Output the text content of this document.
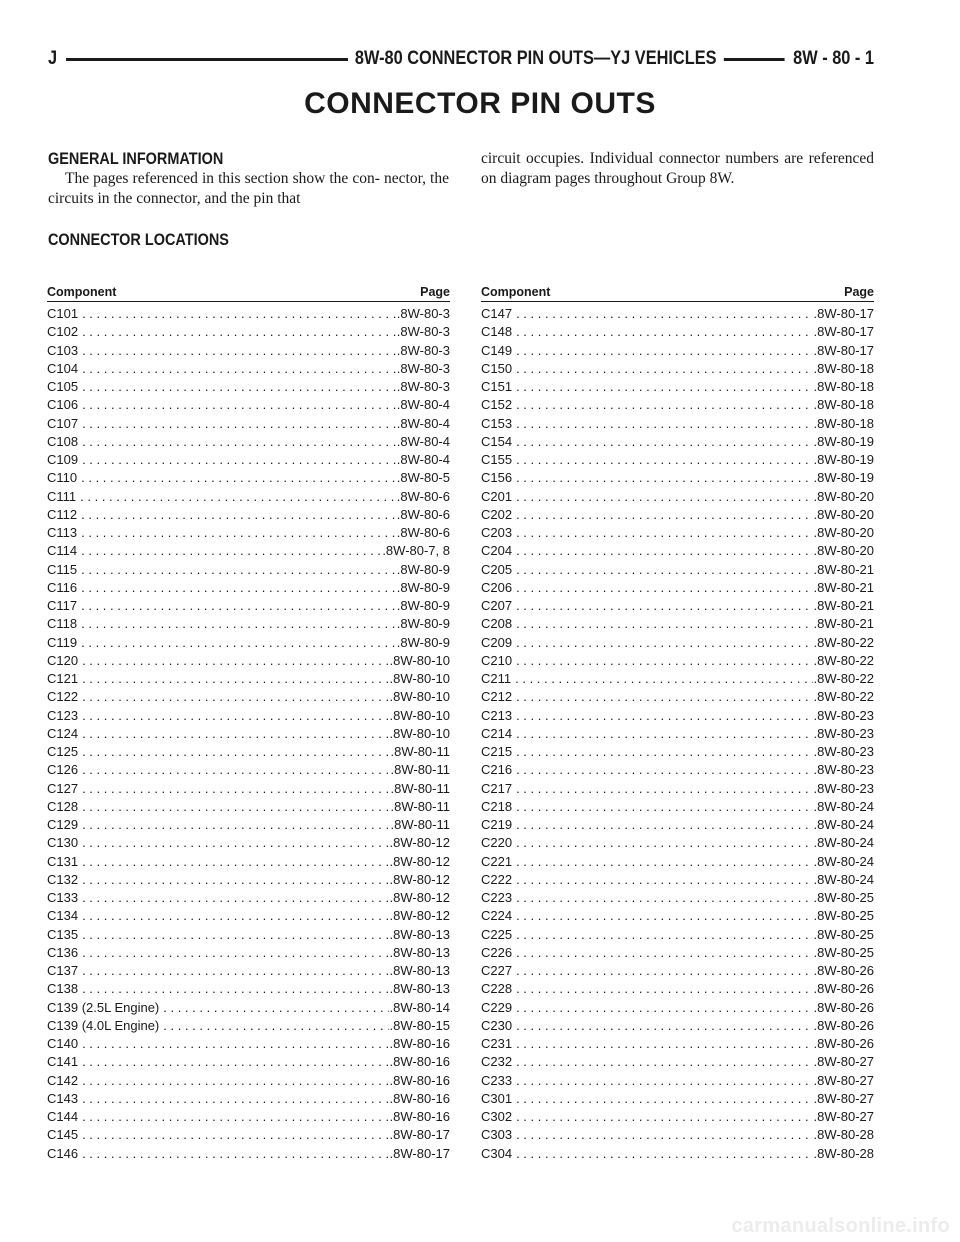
J	8W-80 CONNECTOR PIN OUTS—YJ VEHICLES	8W - 80 - 1
CONNECTOR PIN OUTS
GENERAL INFORMATION
The pages referenced in this section show the con- nector, the circuits in the connector, and the pin that
circuit occupies. Individual connector numbers are referenced on diagram pages throughout Group 8W.
CONNECTOR LOCATIONS
Component	Page
C101 . . .	.8W-80-3
C102 . . .	.8W-80-3
C103 . . .	.8W-80-3
C104 . . .	.8W-80-3
C105 . . .	.8W-80-3
C106 . . .	.8W-80-4
C107 . . .	.8W-80-4
C108 . . .	.8W-80-4
C109 . . .	.8W-80-4
C110 . . .	.8W-80-5
C111 . . .	.8W-80-6
C112 . . .	.8W-80-6
C113 . . .	.8W-80-6
C114 . . .	.8W-80-7, 8
C115 . . .	.8W-80-9
C116 . . .	.8W-80-9
C117 . . .	.8W-80-9
C118 . . .	.8W-80-9
C119 . . .	.8W-80-9
C120 . . .	.8W-80-10
C121 . . .	.8W-80-10
C122 . . .	.8W-80-10
C123 . . .	.8W-80-10
C124 . . .	.8W-80-10
C125 . . .	.8W-80-11
C126 . . .	.8W-80-11
C127 . . .	.8W-80-11
C128 . . .	.8W-80-11
C129 . . .	.8W-80-11
C130 . . .	.8W-80-12
C131 . . .	.8W-80-12
C132 . . .	.8W-80-12
C133 . . .	.8W-80-12
C134 . . .	.8W-80-12
C135 . . .	.8W-80-13
C136 . . .	.8W-80-13
C137 . . .	.8W-80-13
C138 . . .	.8W-80-13
C139 (2.5L Engine) . . .	.8W-80-14
C139 (4.0L Engine) . . .	.8W-80-15
C140 . . .	.8W-80-16
C141 . . .	.8W-80-16
C142 . . .	.8W-80-16
C143 . . .	.8W-80-16
C144 . . .	.8W-80-16
C145 . . .	.8W-80-17
C146 . . .	.8W-80-17
Component	Page
C147 . . .	.8W-80-17
C148 . . .	.8W-80-17
C149 . . .	.8W-80-17
C150 . . .	.8W-80-18
C151 . . .	.8W-80-18
C152 . . .	.8W-80-18
C153 . . .	.8W-80-18
C154 . . .	.8W-80-19
C155 . . .	.8W-80-19
C156 . . .	.8W-80-19
C201 . . .	.8W-80-20
C202 . . .	.8W-80-20
C203 . . .	.8W-80-20
C204 . . .	.8W-80-20
C205 . . .	.8W-80-21
C206 . . .	.8W-80-21
C207 . . .	.8W-80-21
C208 . . .	.8W-80-21
C209 . . .	.8W-80-22
C210 . . .	.8W-80-22
C211 . . .	.8W-80-22
C212 . . .	.8W-80-22
C213 . . .	.8W-80-23
C214 . . .	.8W-80-23
C215 . . .	.8W-80-23
C216 . . .	.8W-80-23
C217 . . .	.8W-80-23
C218 . . .	.8W-80-24
C219 . . .	.8W-80-24
C220 . . .	.8W-80-24
C221 . . .	.8W-80-24
C222 . . .	.8W-80-24
C223 . . .	.8W-80-25
C224 . . .	.8W-80-25
C225 . . .	.8W-80-25
C226 . . .	.8W-80-25
C227 . . .	.8W-80-26
C228 . . .	.8W-80-26
C229 . . .	.8W-80-26
C230 . . .	.8W-80-26
C231 . . .	.8W-80-26
C232 . . .	.8W-80-27
C233 . . .	.8W-80-27
C301 . . .	.8W-80-27
C302 . . .	.8W-80-27
C303 . . .	.8W-80-28
C304 . . .	.8W-80-28
carmanualsonline.info
